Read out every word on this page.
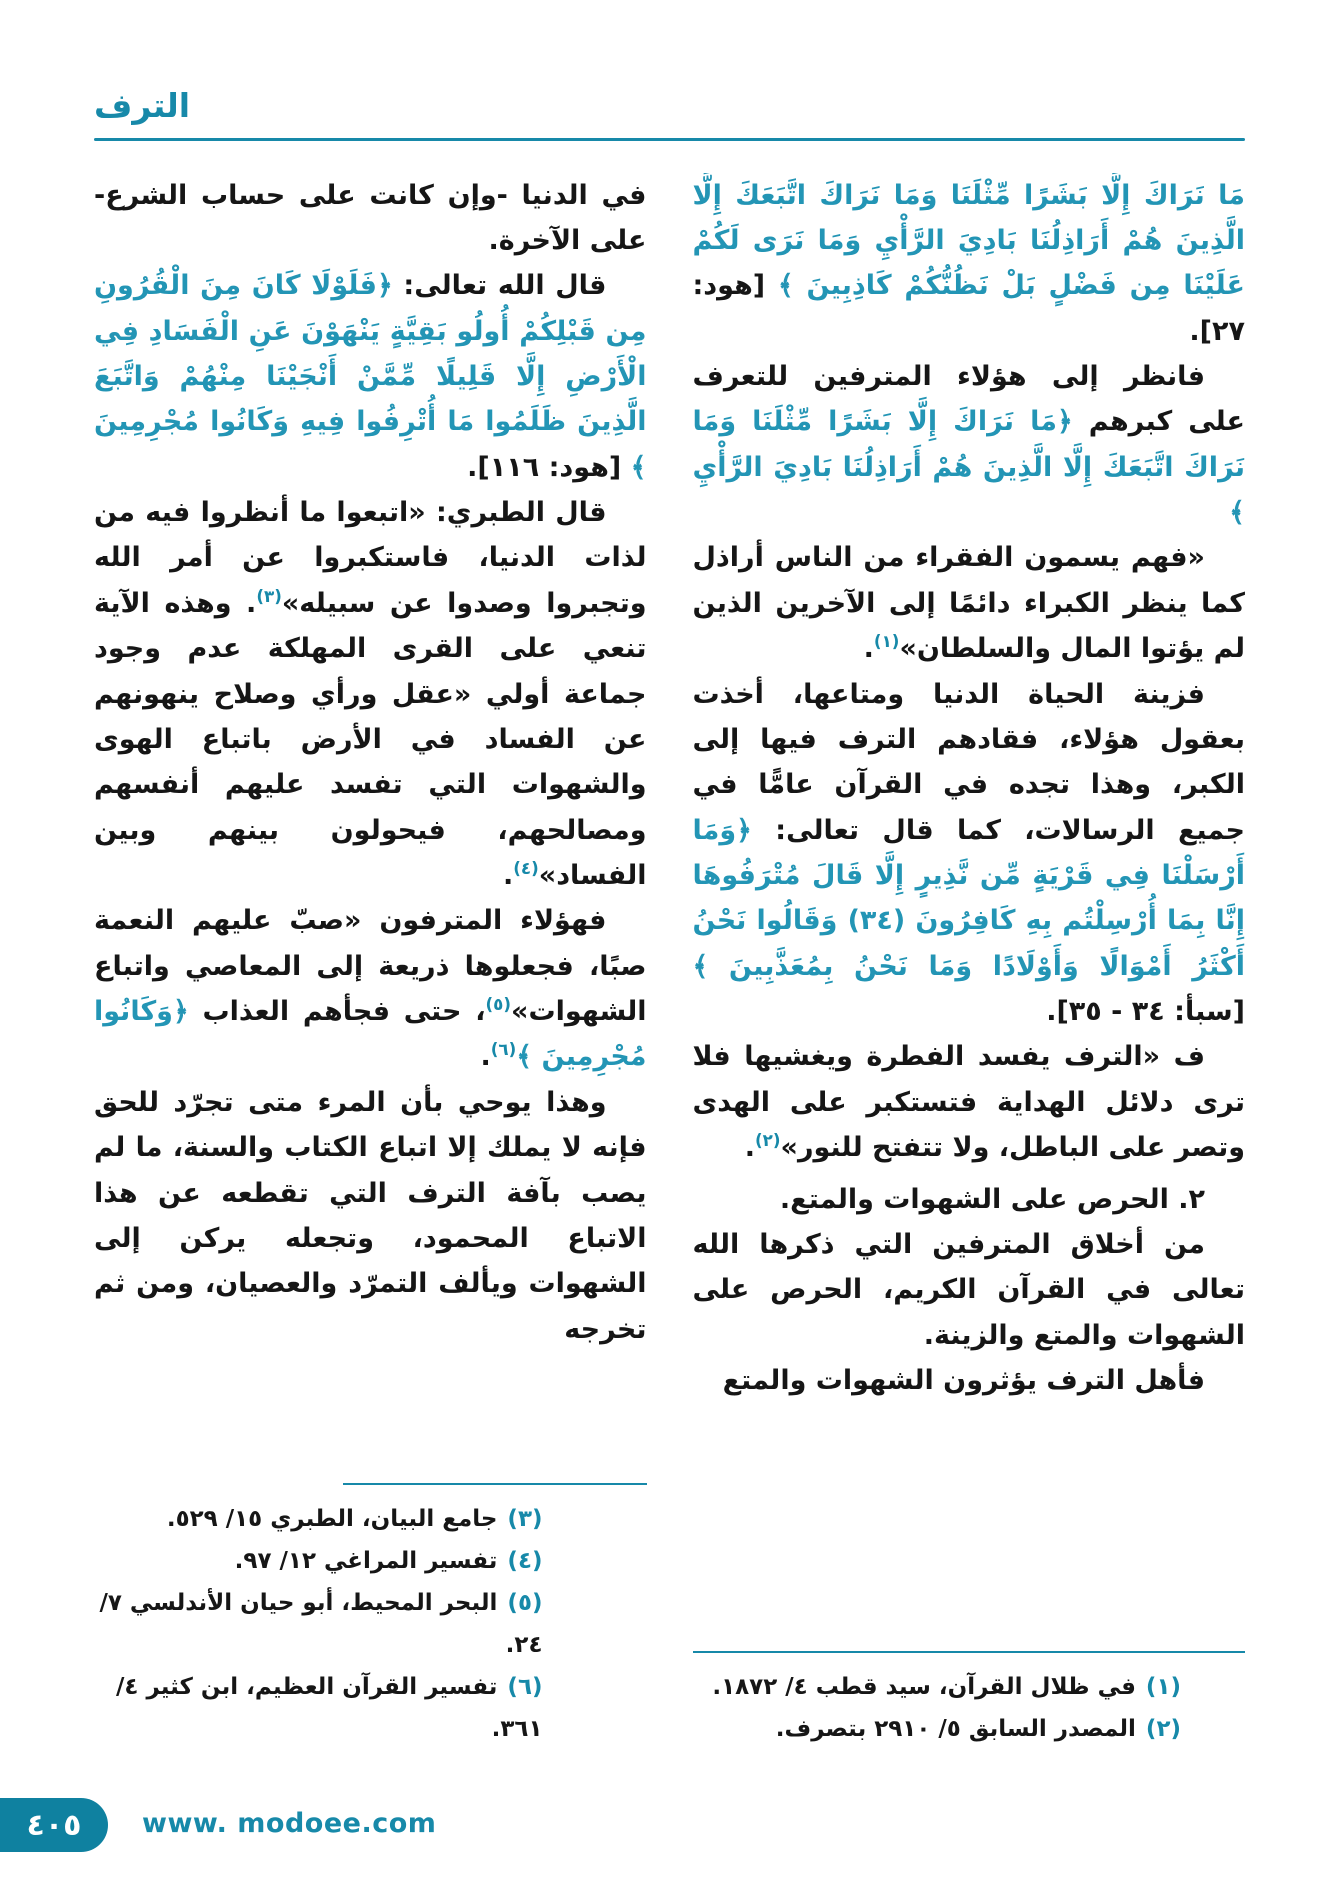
الترف

مَا نَرَاكَ إِلَّا بَشَرًا مِّثْلَنَا وَمَا نَرَاكَ اتَّبَعَكَ إِلَّا الَّذِينَ هُمْ أَرَاذِلُنَا بَادِيَ الرَّأْيِ وَمَا نَرَى لَكُمْ عَلَيْنَا مِن فَضْلٍ بَلْ نَظُنُّكُمْ كَاذِبِينَ ﴾ [هود: ٢٧].

فانظر إلى هؤلاء المترفين للتعرف على كبرهم ﴿مَا نَرَاكَ إِلَّا بَشَرًا مِّثْلَنَا وَمَا نَرَاكَ اتَّبَعَكَ إِلَّا الَّذِينَ هُمْ أَرَاذِلُنَا بَادِيَ الرَّأْيِ ﴾

«فهم يسمون الفقراء من الناس أراذل كما ينظر الكبراء دائمًا إلى الآخرين الذين لم يؤتوا المال والسلطان»$^{(١)}$.

فزينة الحياة الدنيا ومتاعها، أخذت بعقول هؤلاء، فقادهم الترف فيها إلى الكبر، وهذا تجده في القرآن عامًّا في جميع الرسالات، كما قال تعالى: ﴿وَمَا أَرْسَلْنَا فِي قَرْيَةٍ مِّن نَّذِيرٍ إِلَّا قَالَ مُتْرَفُوهَا إِنَّا بِمَا أُرْسِلْتُم بِهِ كَافِرُونَ (٣٤) وَقَالُوا نَحْنُ أَكْثَرُ أَمْوَالًا وَأَوْلَادًا وَمَا نَحْنُ بِمُعَذَّبِينَ ﴾ [سبأ: ٣٤ - ٣٥].

ف «الترف يفسد الفطرة ويغشيها فلا ترى دلائل الهداية فتستكبر على الهدى وتصر على الباطل، ولا تتفتح للنور»$^{(٢)}$.

٢. الحرص على الشهوات والمتع.

من أخلاق المترفين التي ذكرها الله تعالى في القرآن الكريم، الحرص على الشهوات والمتع والزينة.

فأهل الترف يؤثرون الشهوات والمتع

(١)في ظلال القرآن، سيد قطب ٤/ ١٨٧٢.
(٢)المصدر السابق ٥/ ٢٩١٠ بتصرف.

في الدنيا -وإن كانت على حساب الشرع- على الآخرة.

قال الله تعالى: ﴿فَلَوْلَا كَانَ مِنَ الْقُرُونِ مِن قَبْلِكُمْ أُولُو بَقِيَّةٍ يَنْهَوْنَ عَنِ الْفَسَادِ فِي الْأَرْضِ إِلَّا قَلِيلًا مِّمَّنْ أَنْجَيْنَا مِنْهُمْ وَاتَّبَعَ الَّذِينَ ظَلَمُوا مَا أُتْرِفُوا فِيهِ وَكَانُوا مُجْرِمِينَ ﴾ [هود: ١١٦].

قال الطبري: «اتبعوا ما أنظروا فيه من لذات الدنيا، فاستكبروا عن أمر الله وتجبروا وصدوا عن سبيله»$^{(٣)}$. وهذه الآية تنعي على القرى المهلكة عدم وجود جماعة أولي «عقل ورأي وصلاح ينهونهم عن الفساد في الأرض باتباع الهوى والشهوات التي تفسد عليهم أنفسهم ومصالحهم، فيحولون بينهم وبين الفساد»$^{(٤)}$.

فهؤلاء المترفون «صبّ عليهم النعمة صبًا، فجعلوها ذريعة إلى المعاصي واتباع الشهوات»$^{(٥)}$، حتى فجأهم العذاب ﴿وَكَانُوا مُجْرِمِينَ ﴾$^{(٦)}$.

وهذا يوحي بأن المرء متى تجرّد للحق فإنه لا يملك إلا اتباع الكتاب والسنة، ما لم يصب بآفة الترف التي تقطعه عن هذا الاتباع المحمود، وتجعله يركن إلى الشهوات ويألف التمرّد والعصيان، ومن ثم تخرجه

(٣)جامع البيان، الطبري ١٥/ ٥٢٩.
(٤)تفسير المراغي ١٢/ ٩٧.
(٥)البحر المحيط، أبو حيان الأندلسي ٧/ ٢٤.
(٦)تفسير القرآن العظيم، ابن كثير ٤/ ٣٦١.
٤٠٥ www. modoee.com
